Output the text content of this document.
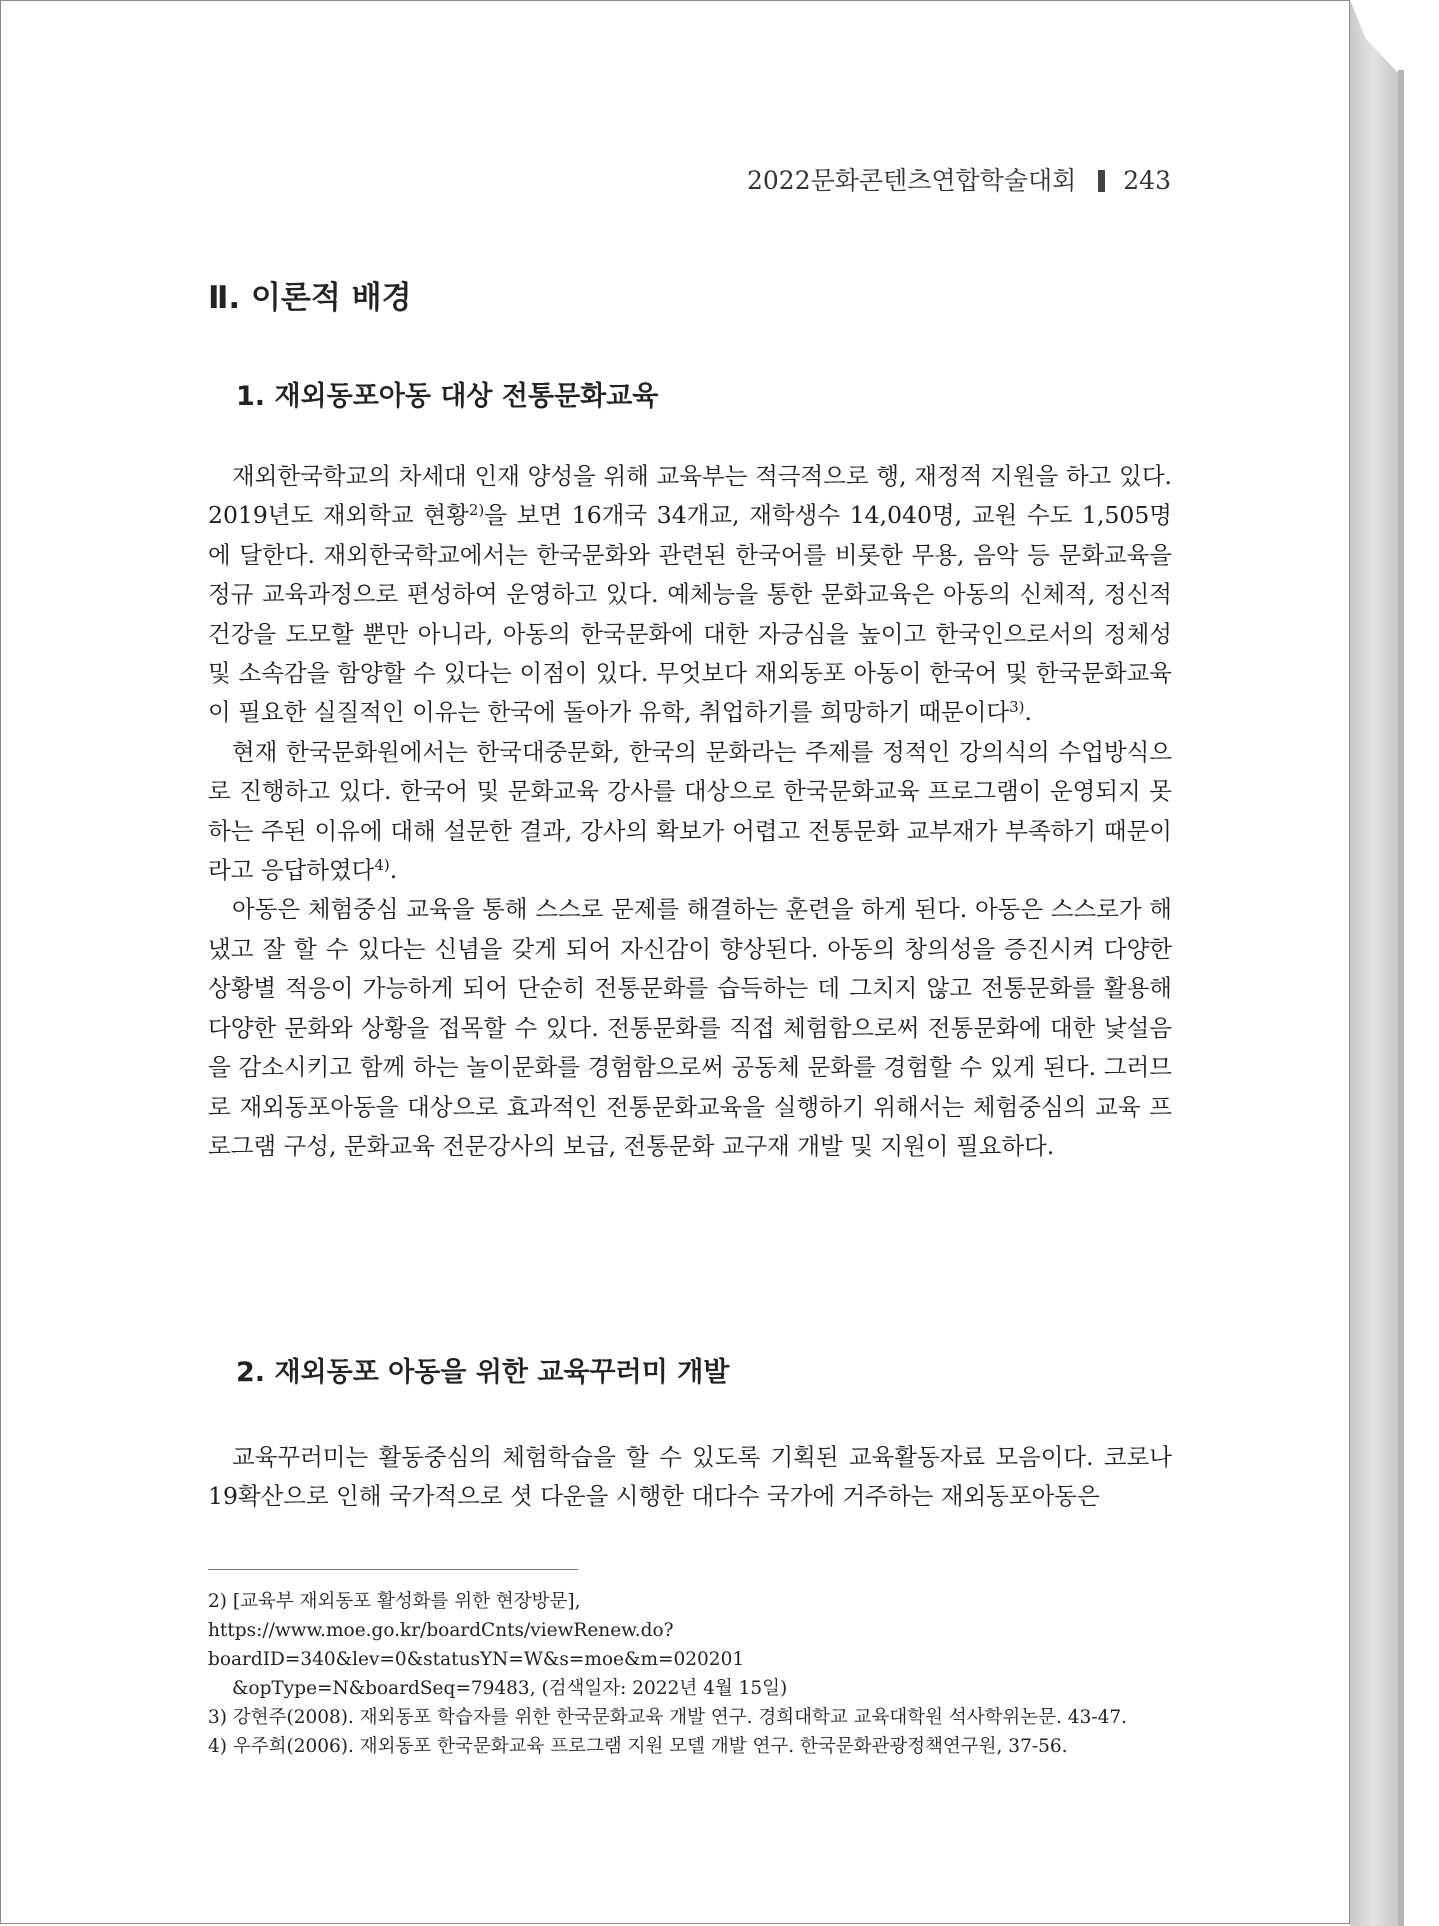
2022문화콘텐츠연합학술대회 243
Ⅱ. 이론적 배경
1. 재외동포아동 대상 전통문화교육

재외한국학교의 차세대 인재 양성을 위해 교육부는 적극적으로 행, 재정적 지원을 하고 있다. 2019년도 재외학교 현황$^{2)}$을 보면 16개국 34개교, 재학생수 14,040명, 교원 수도 1,505명에 달한다. 재외한국학교에서는 한국문화와 관련된 한국어를 비롯한 무용, 음악 등 문화교육을 정규 교육과정으로 편성하여 운영하고 있다. 예체능을 통한 문화교육은 아동의 신체적, 정신적 건강을 도모할 뿐만 아니라, 아동의 한국문화에 대한 자긍심을 높이고 한국인으로서의 정체성 및 소속감을 함양할 수 있다는 이점이 있다. 무엇보다 재외동포 아동이 한국어 및 한국문화교육이 필요한 실질적인 이유는 한국에 돌아가 유학, 취업하기를 희망하기 때문이다$^{3)}$.

현재 한국문화원에서는 한국대중문화, 한국의 문화라는 주제를 정적인 강의식의 수업방식으로 진행하고 있다. 한국어 및 문화교육 강사를 대상으로 한국문화교육 프로그램이 운영되지 못하는 주된 이유에 대해 설문한 결과, 강사의 확보가 어렵고 전통문화 교부재가 부족하기 때문이라고 응답하였다$^{4)}$.

아동은 체험중심 교육을 통해 스스로 문제를 해결하는 훈련을 하게 된다. 아동은 스스로가 해냈고 잘 할 수 있다는 신념을 갖게 되어 자신감이 향상된다. 아동의 창의성을 증진시켜 다양한 상황별 적응이 가능하게 되어 단순히 전통문화를 습득하는 데 그치지 않고 전통문화를 활용해 다양한 문화와 상황을 접목할 수 있다. 전통문화를 직접 체험함으로써 전통문화에 대한 낯설음을 감소시키고 함께 하는 놀이문화를 경험함으로써 공동체 문화를 경험할 수 있게 된다. 그러므로 재외동포아동을 대상으로 효과적인 전통문화교육을 실행하기 위해서는 체험중심의 교육 프로그램 구성, 문화교육 전문강사의 보급, 전통문화 교구재 개발 및 지원이 필요하다.

2. 재외동포 아동을 위한 교육꾸러미 개발

교육꾸러미는 활동중심의 체험학습을 할 수 있도록 기획된 교육활동자료 모음이다. 코로나19확산으로 인해 국가적으로 셧 다운을 시행한 대다수 국가에 거주하는 재외동포아동은

2) [교육부 재외동포 활성화를 위한 현장방문],

https://www.moe.go.kr/boardCnts/viewRenew.do?boardID=340&lev=0&statusYN=W&s=moe&m=020201

&opType=N&boardSeq=79483, (검색일자: 2022년 4월 15일)

3) 강현주(2008). 재외동포 학습자를 위한 한국문화교육 개발 연구. 경희대학교 교육대학원 석사학위논문. 43-47.

4) 우주희(2006). 재외동포 한국문화교육 프로그램 지원 모델 개발 연구. 한국문화관광정책연구원, 37-56.
